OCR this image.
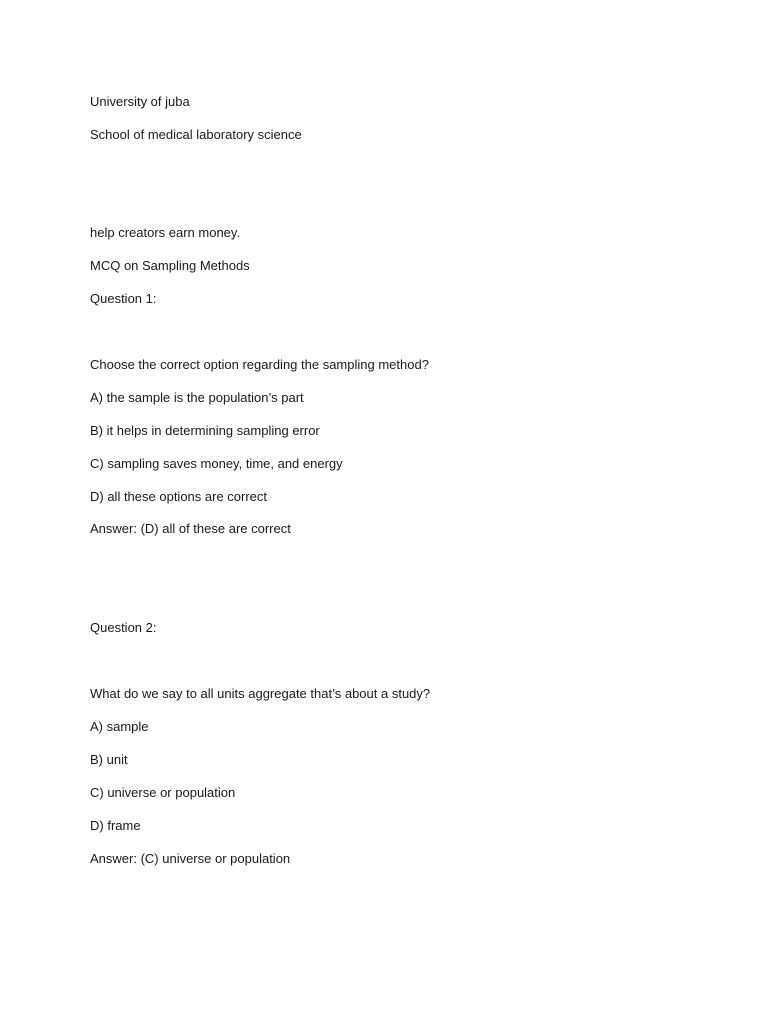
University of juba
School of medical laboratory science
help creators earn money.
MCQ on Sampling Methods
Question 1:
Choose the correct option regarding the sampling method?
A) the sample is the population’s part
B) it helps in determining sampling error
C) sampling saves money, time, and energy
D) all these options are correct
Answer: (D) all of these are correct
Question 2:
What do we say to all units aggregate that’s about a study?
A) sample
B) unit
C) universe or population
D) frame
Answer: (C) universe or population
